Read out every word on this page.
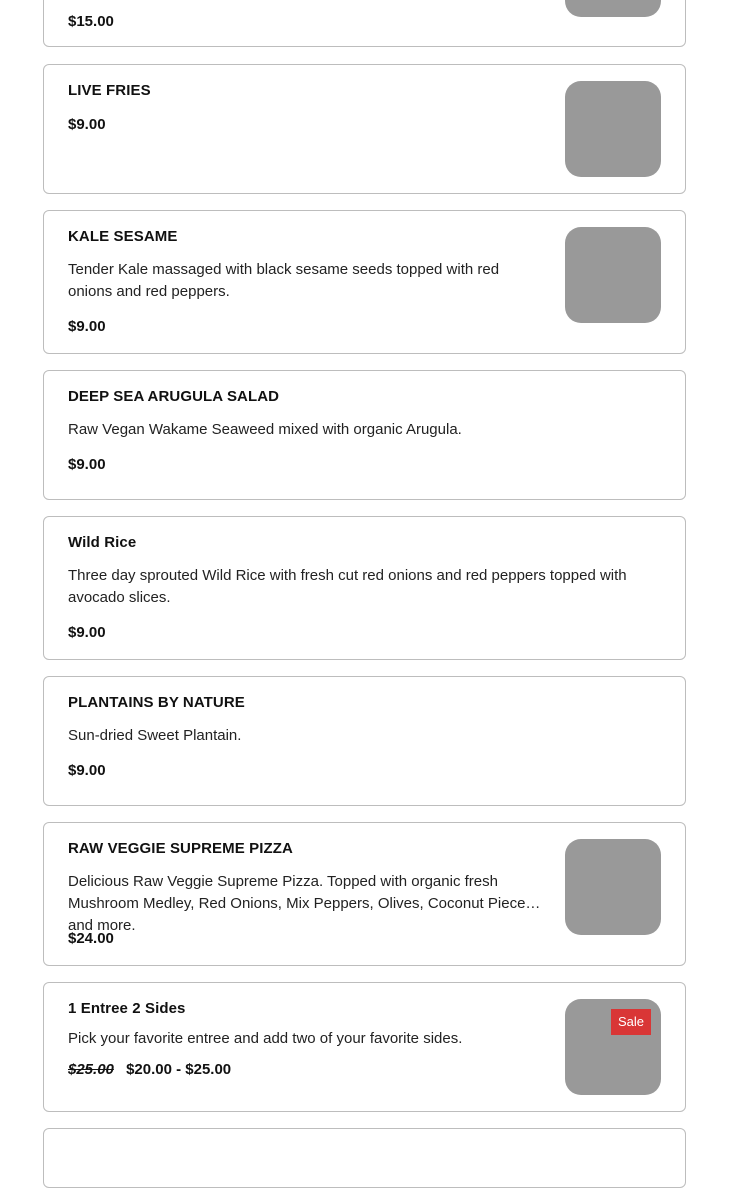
$15.00
LIVE FRIES
$9.00
KALE SESAME
Tender Kale massaged with black sesame seeds topped with red onions and red peppers.
$9.00
DEEP SEA ARUGULA SALAD
Raw Vegan Wakame Seaweed mixed with organic Arugula.
$9.00
Wild Rice
Three day sprouted Wild Rice with fresh cut red onions and red peppers topped with avocado slices.
$9.00
PLANTAINS BY NATURE
Sun-dried Sweet Plantain.
$9.00
RAW VEGGIE SUPREME PIZZA
Delicious Raw Veggie Supreme Pizza. Topped with organic fresh Mushroom Medley, Red Onions, Mix Peppers, Olives, Coconut Pieces, and more.
$24.00
1 Entree 2 Sides
Pick your favorite entree and add two of your favorite sides.
$25.00 $20.00 - $25.00
Sale
